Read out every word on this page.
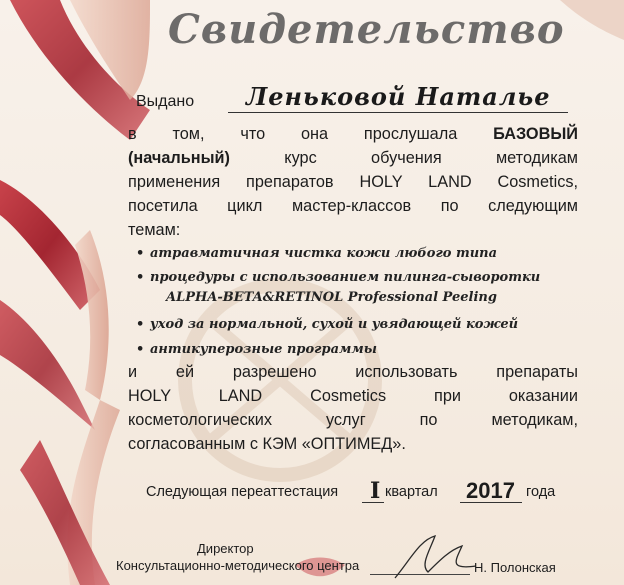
Свидетельство
Выдано Леньковой Наталье
в том, что она прослушала БАЗОВЫЙ
(начальный)	курс обучения методикам
применения препаратов HOLY LAND Cosmetics,
посетила цикл мастер-классов по следующим
темам:
• атравматичная чистка кожи любого типа
• процедуры с использованием пилинга-сыворотки
ALPHA-BETA&RETINOL Professional Peeling
• уход за нормальной, сухой и увядающей кожей
• антикуперозные программы
и ей разрешено использовать препараты
HOLY LAND Cosmetics при оказании
косметологических услуг по методикам,
согласованным с КЭМ «ОПТИМЕД».
Следующая переаттестация I квартал 2017 года
Директор
Консультационно-методического центра	Н. Полонская
